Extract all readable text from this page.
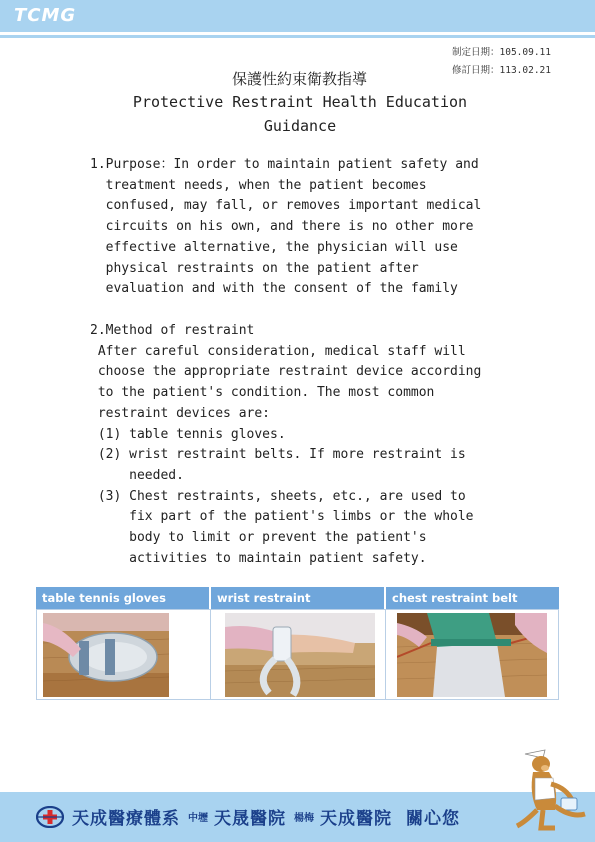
TCMG
制定日期：105.09.11
修訂日期：113.02.21
保護性約束衛教指導
Protective Restraint Health Education
Guidance
1.Purpose：In order to maintain patient safety and
treatment needs, when the patient becomes
confused, may fall, or removes important medical
circuits on his own, and there is no other more
effective alternative, the physician will use
physical restraints on the patient after
evaluation and with the consent of the family
2.Method of restraint
After careful consideration, medical staff will
choose the appropriate restraint device according
to the patient's condition. The most common
restraint devices are:
(1) table tennis gloves.
(2) wrist restraint belts. If more restraint is
needed.
(3) Chest restraints, sheets, etc., are used to
fix part of the patient's limbs or the whole
body to limit or prevent the patient's
activities to maintain patient safety.
table tennis gloves	wrist restraint	chest restraint belt
天成醫療體系 中壢 天晟醫院 楊梅 天成醫院 關心您
